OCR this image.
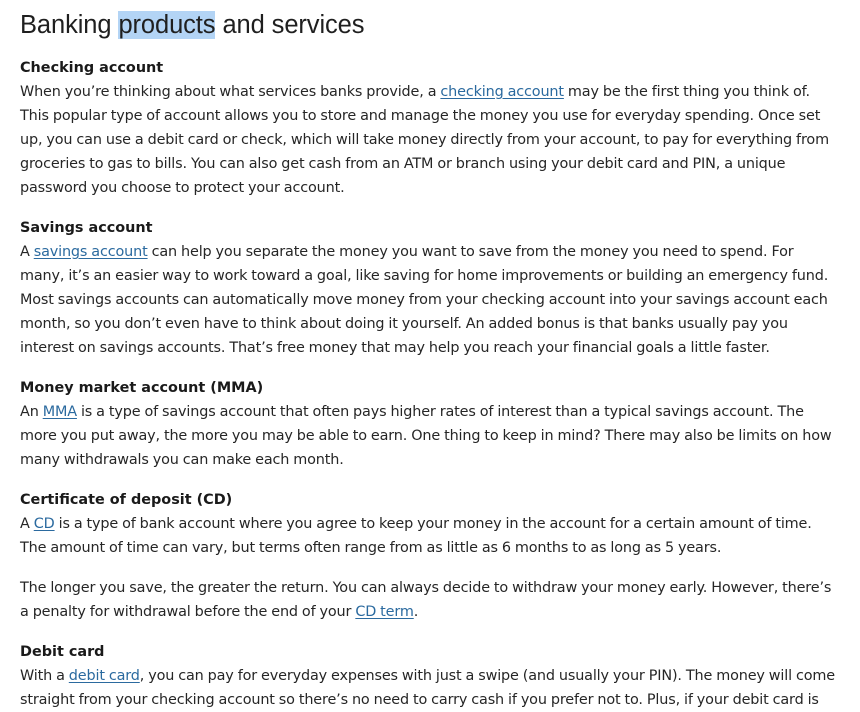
Banking products and services
Checking account

When you’re thinking about what services banks provide, a checking account may be the first thing you think of. This popular type of account allows you to store and manage the money you use for everyday spending. Once set up, you can use a debit card or check, which will take money directly from your account, to pay for everything from groceries to gas to bills. You can also get cash from an ATM or branch using your debit card and PIN, a unique password you choose to protect your account.

Savings account

A savings account can help you separate the money you want to save from the money you need to spend. For many, it’s an easier way to work toward a goal, like saving for home improvements or building an emergency fund. Most savings accounts can automatically move money from your checking account into your savings account each month, so you don’t even have to think about doing it yourself. An added bonus is that banks usually pay you interest on savings accounts. That’s free money that may help you reach your financial goals a little faster.

Money market account (MMA)

An MMA is a type of savings account that often pays higher rates of interest than a typical savings account. The more you put away, the more you may be able to earn. One thing to keep in mind? There may also be limits on how many withdrawals you can make each month.

Certificate of deposit (CD)

A CD is a type of bank account where you agree to keep your money in the account for a certain amount of time. The amount of time can vary, but terms often range from as little as 6 months to as long as 5 years.

The longer you save, the greater the return. You can always decide to withdraw your money early. However, there’s a penalty for withdrawal before the end of your CD term.

Debit card

With a debit card, you can pay for everyday expenses with just a swipe (and usually your PIN). The money will come straight from your checking account so there’s no need to carry cash if you prefer not to. Plus, if your debit card is
